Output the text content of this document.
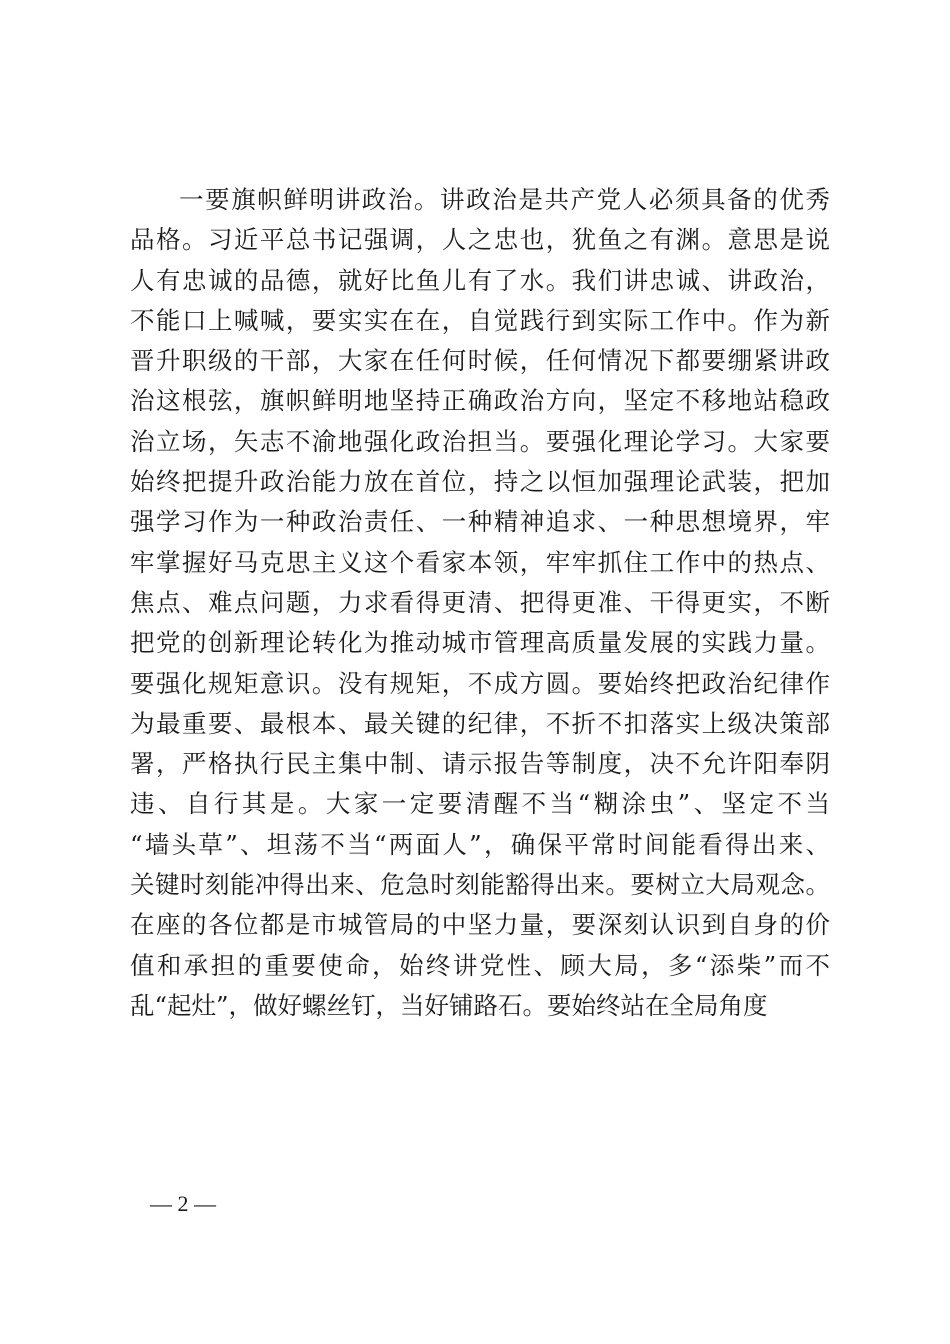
一要旗帜鲜明讲政治。讲政治是共产党人必须具备的优秀
品格。习近平总书记强调，人之忠也，犹鱼之有渊。意思是说
人有忠诚的品德，就好比鱼儿有了水。我们讲忠诚、讲政治，
不能口上喊喊，要实实在在，自觉践行到实际工作中。作为新
晋升职级的干部，大家在任何时候，任何情况下都要绷紧讲政
治这根弦，旗帜鲜明地坚持正确政治方向，坚定不移地站稳政
治立场，矢志不渝地强化政治担当。要强化理论学习。大家要
始终把提升政治能力放在首位，持之以恒加强理论武装，把加
强学习作为一种政治责任、一种精神追求、一种思想境界，牢
牢掌握好马克思主义这个看家本领，牢牢抓住工作中的热点、
焦点、难点问题，力求看得更清、把得更准、干得更实，不断
把党的创新理论转化为推动城市管理高质量发展的实践力量。
要强化规矩意识。没有规矩，不成方圆。要始终把政治纪律作
为最重要、最根本、最关键的纪律，不折不扣落实上级决策部
署，严格执行民主集中制、请示报告等制度，决不允许阳奉阴
违、自行其是。大家一定要清醒不当“糊涂虫”、坚定不当
“墙头草”、坦荡不当“两面人”，确保平常时间能看得出来、
关键时刻能冲得出来、危急时刻能豁得出来。要树立大局观念。
在座的各位都是市城管局的中坚力量，要深刻认识到自身的价
值和承担的重要使命，始终讲党性、顾大局，多“添柴”而不
乱“起灶”，做好螺丝钉，当好铺路石。要始终站在全局角度
— 2 —
